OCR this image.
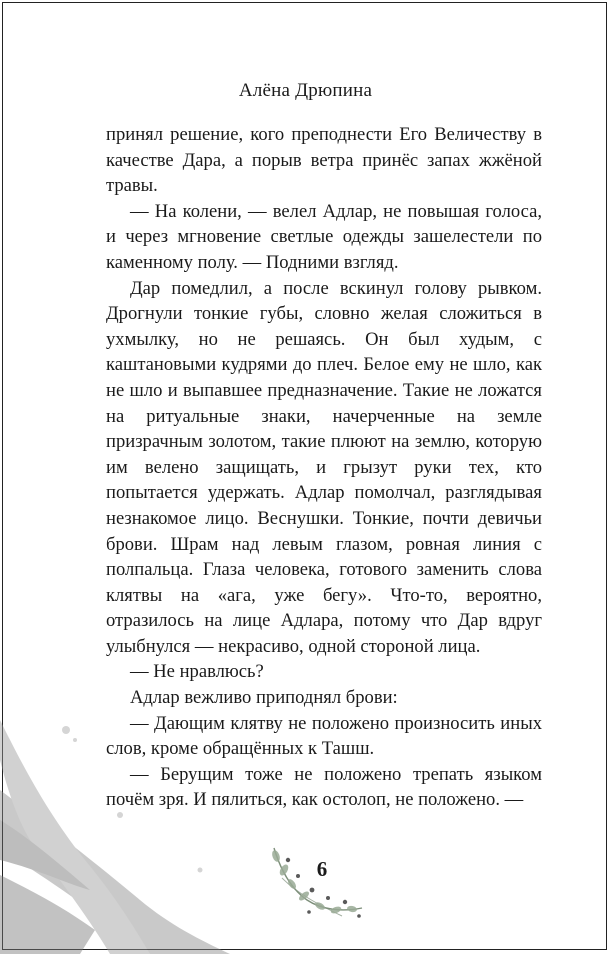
Алёна Дрюпина

принял решение, кого преподнести Его Величеству в качестве Дара, а порыв ветра принёс запах жжёной травы.

— На колени, — велел Адлар, не повышая голоса, и через мгновение светлые одежды зашелестели по каменному полу. — Подними взгляд.

Дар помедлил, а после вскинул голову рывком. Дрогнули тонкие губы, словно желая сложиться в ухмылку, но не решаясь. Он был худым, с каштановыми кудрями до плеч. Белое ему не шло, как не шло и выпавшее предназначение. Такие не ложатся на ритуальные знаки, начерченные на земле призрачным золотом, такие плюют на землю, которую им велено защищать, и грызут руки тех, кто попытается удержать. Адлар помолчал, разглядывая незнакомое лицо. Веснушки. Тонкие, почти девичьи брови. Шрам над левым глазом, ровная линия с полпальца. Глаза человека, готового заменить слова клятвы на «ага, уже бегу». Что-то, вероятно, отразилось на лице Адлара, потому что Дар вдруг улыбнулся — некрасиво, одной стороной лица.

— Не нравлюсь?

Адлар вежливо приподнял брови:

— Дающим клятву не положено произносить иных слов, кроме обращённых к Ташш.

— Берущим тоже не положено трепать языком почём зря. И пялиться, как остолоп, не положено. —

6
